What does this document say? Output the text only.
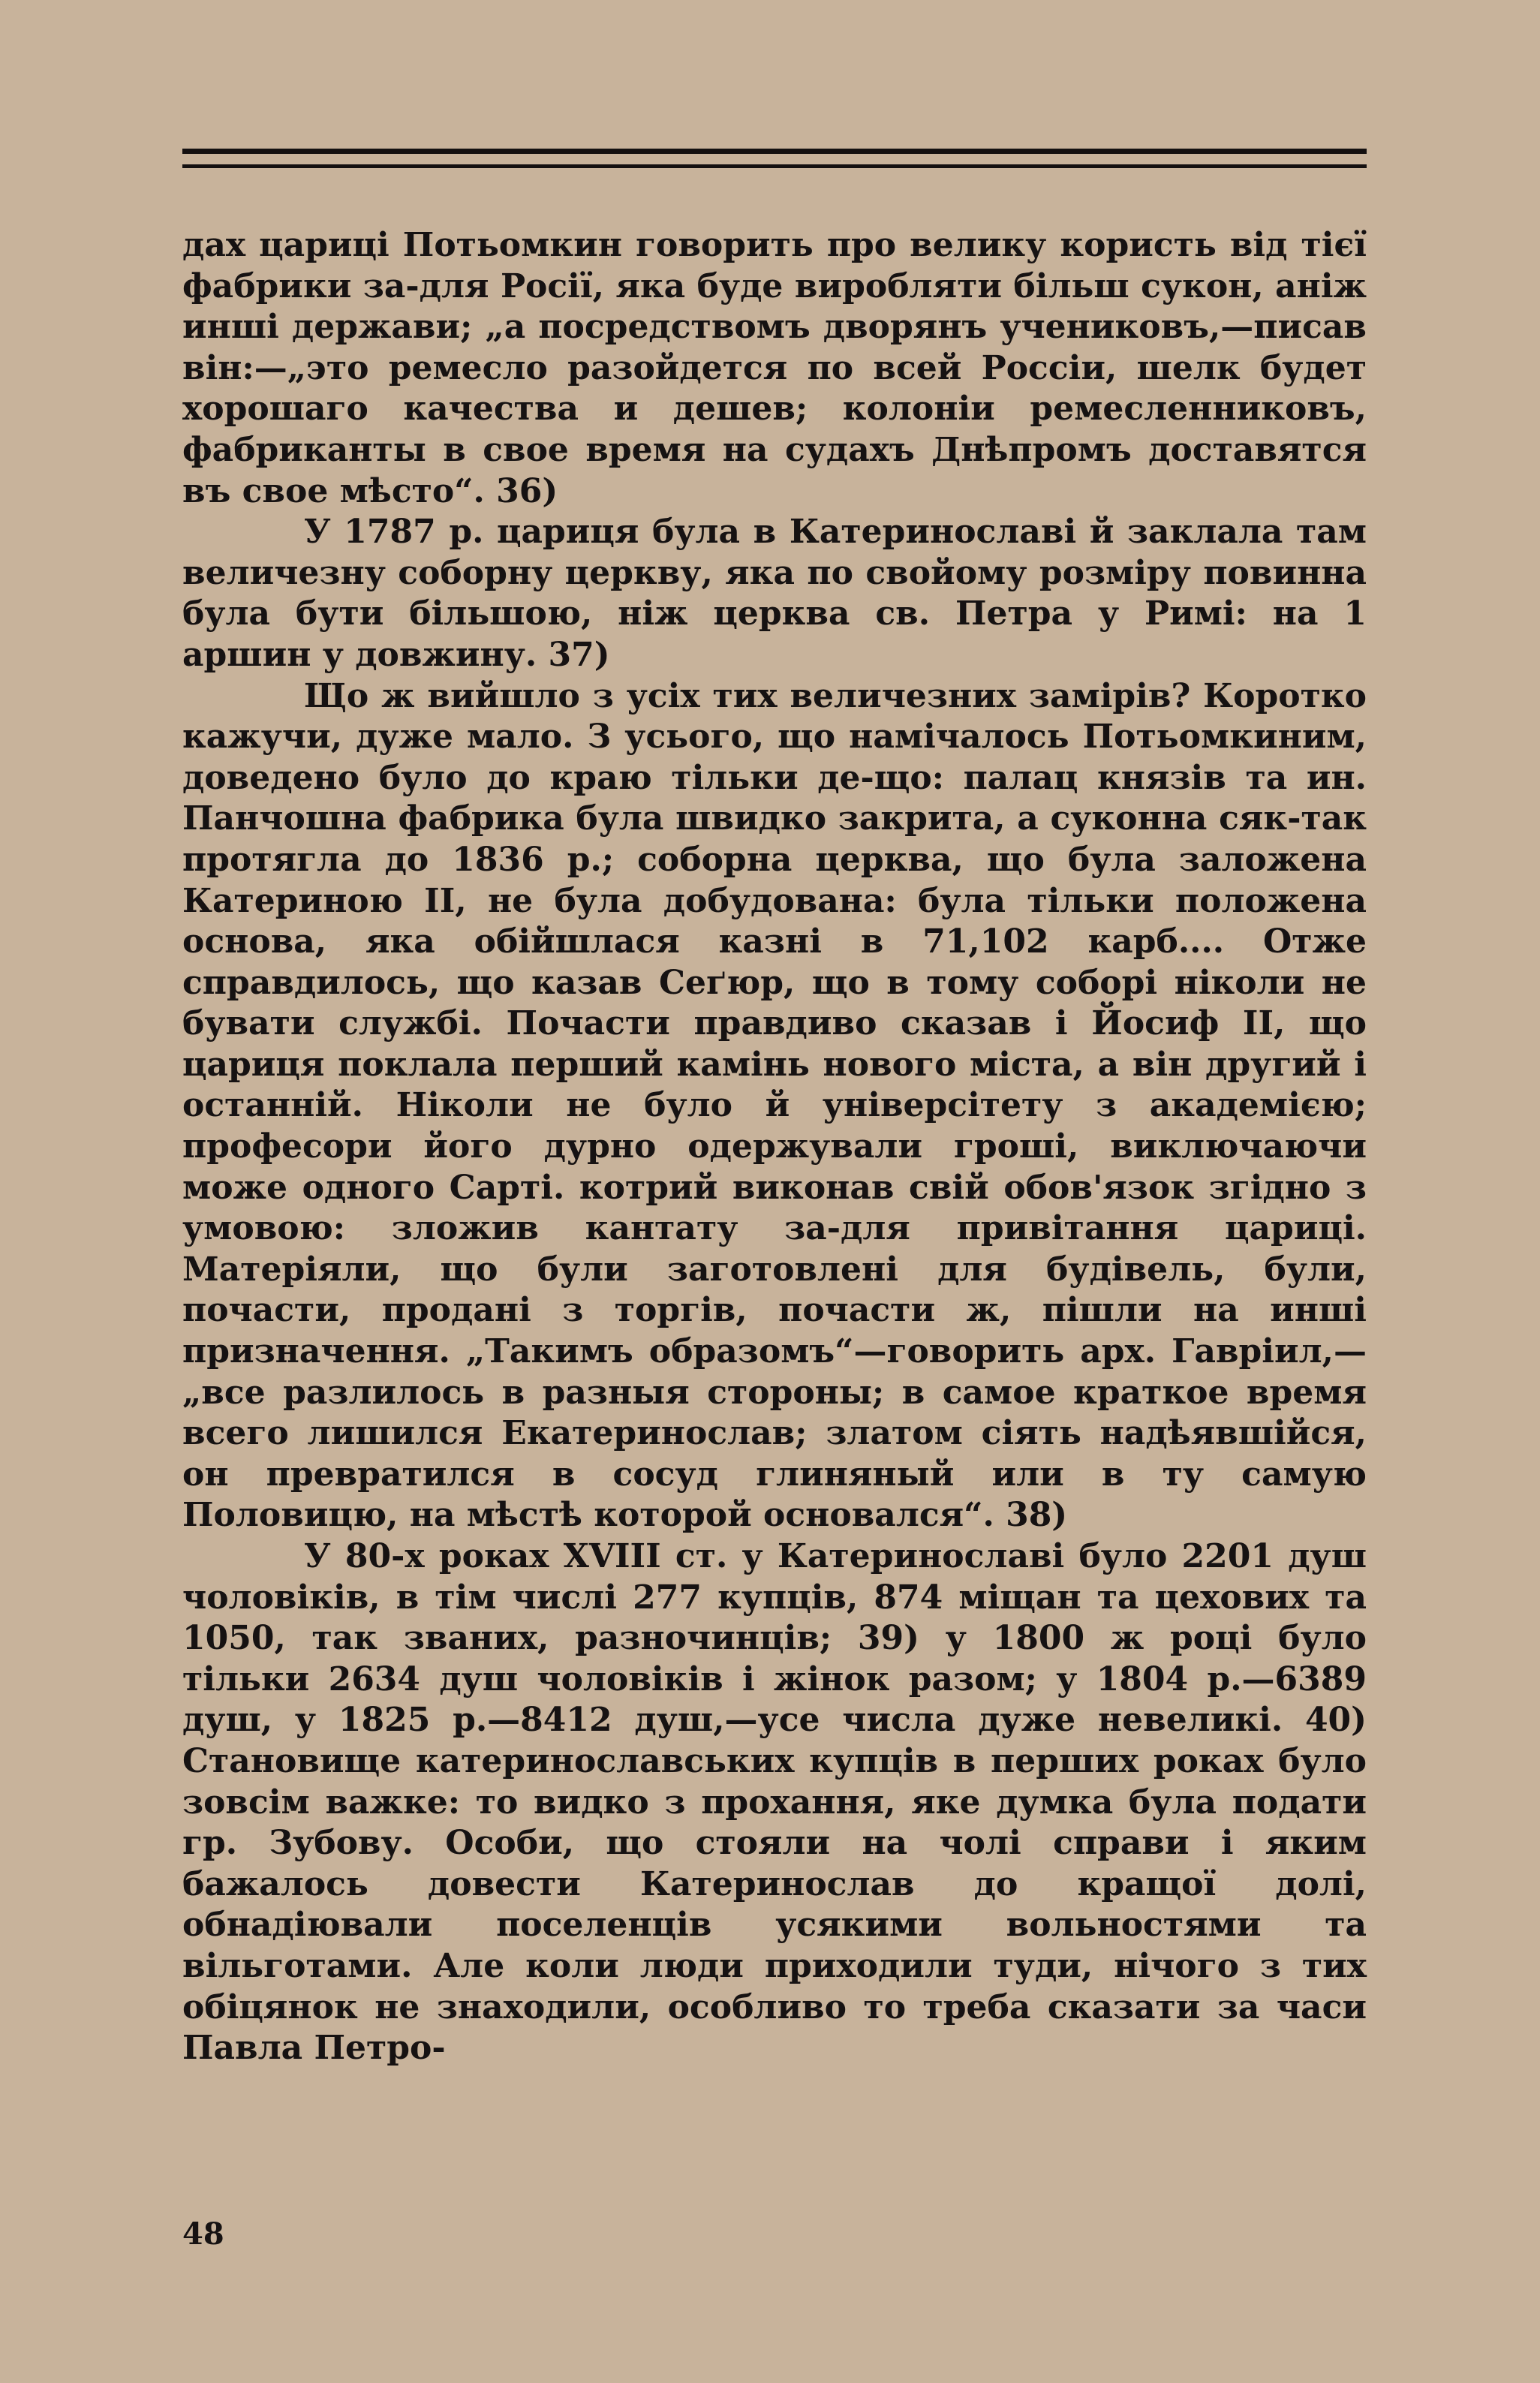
дах цариці Потьомкин говорить про велику користь від тієї фабрики за-для Росії, яка буде виробляти більш сукон, аніж инші держави; „а посредствомъ дворянъ учениковъ,—писав він:—„это ремесло разойдется по всей Россіи, шелк будет хорошаго качества и дешев; колоніи ремесленниковъ, фабриканты в свое время на судахъ Днѣпромъ доставятся въ свое мѣсто“. 36)

У 1787 р. цариця була в Катеринославі й заклала там величезну соборну церкву, яка по свойому розміру повинна була бути більшою, ніж церква св. Петра у Римі: на 1 аршин у довжину. 37)

Що ж вийшло з усіх тих величезних замірів? Коротко кажучи, дуже мало. З усього, що намічалось Потьомкиним, доведено було до краю тільки де-що: палац князів та ин. Панчошна фабрика була швидко закрита, а суконна сяк-так протягла до 1836 р.; соборна церква, що була заложена Катериною II, не була добудована: була тільки положена основа, яка обійшлася казні в 71,102 карб.... Отже справдилось, що казав Сеґюр, що в тому соборі ніколи не бувати службі. Почасти правдиво сказав і Йосиф II, що цариця поклала перший камінь нового міста, а він другий і останній. Ніколи не було й універсітету з академією; професори його дурно одержували гроші, виключаючи може одного Сарті. котрий виконав свій обов'язок згідно з умовою: зложив кантату за-для привітання цариці. Матеріяли, що були заготовлені для будівель, були, почасти, продані з торгів, почасти ж, пішли на инші призначення. „Такимъ образомъ“—говорить арх. Гаврiил,—„все разлилось в разныя стороны; в самое краткое время всего лишился Екатеринослав; златом сіять надѣявшійся, он превратился в сосуд глиняный или в ту самую Половицю, на мѣстѣ которой основался“. 38)

У 80-х роках XVIII ст. у Катеринославі було 2201 душ чоловіків, в тім числі 277 купців, 874 міщан та цехових та 1050, так званих, разночинців; 39) у 1800 ж році було тільки 2634 душ чоловіків і жінок разом; у 1804 р.—6389 душ, у 1825 р.—8412 душ,—усе числа дуже невеликі. 40) Становище катеринославських купців в перших роках було зовсім важке: то видко з прохання, яке думка була подати гр. Зубову. Особи, що стояли на чолі справи і яким бажалось довести Катеринослав до кращої долі, обнадіювали поселенців усякими вольностями та вільготами. Але коли люди приходили туди, нічого з тих обіцянок не знаходили, особливо то треба сказати за часи Павла Петро-

48
